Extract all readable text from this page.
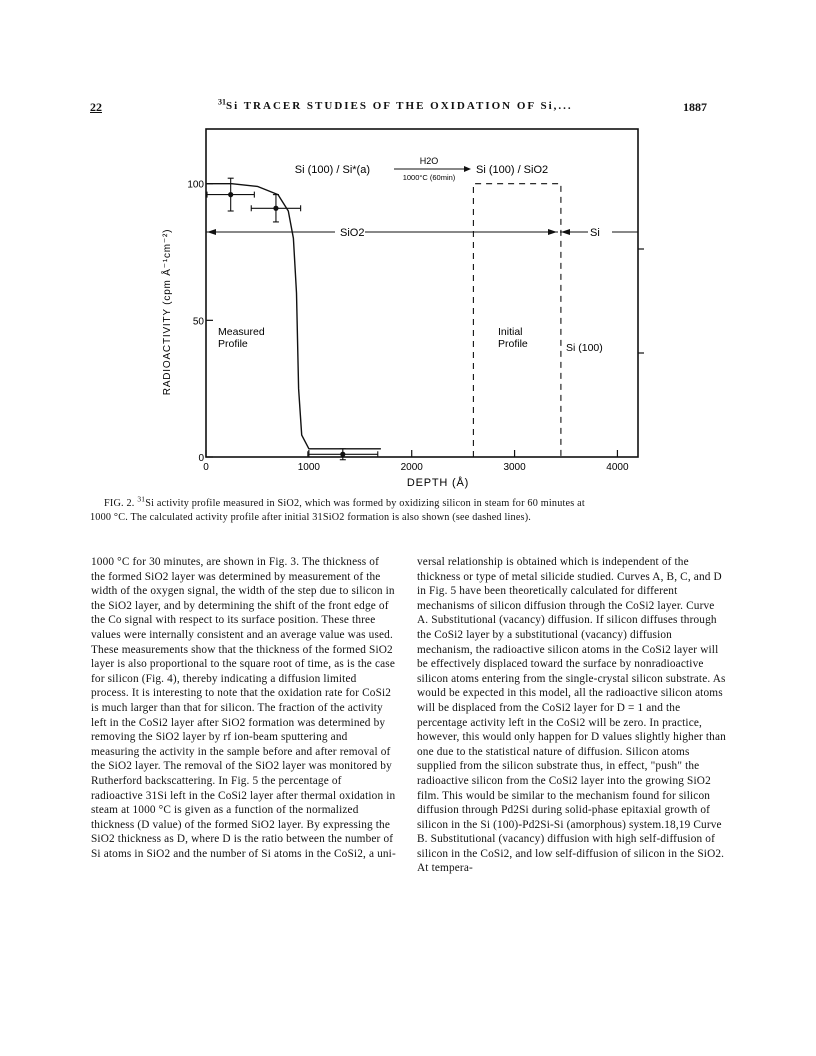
22	$^{31}$Si TRACER STUDIES OF THE OXIDATION OF Si,...	1887
Si (100) / Si*(a)
H2O
1000°C (60min)
Si (100) / SiO2
SiO2	Si
0
50
100
0	1000	2000	3000	4000
Measured
Profile
Initial
Profile	Si (100)
RADIOACTIVITY (cpm Å⁻¹cm⁻²)
DEPTH (Å)
FIG. 2. $^{31}$Si activity profile measured in SiO2, which was formed by oxidizing silicon in steam for 60 minutes at
1000 °C. The calculated activity profile after initial 31SiO2 formation is also shown (see dashed lines).
1000 °C for 30 minutes, are shown in Fig. 3. The thickness of the formed SiO2 layer was determined by measurement of the width of the oxygen signal, the width of the step due to silicon in the SiO2 layer, and by determining the shift of the front edge of the Co signal with respect to its surface position. These three values were internally consistent and an average value was used. These measurements show that the thickness of the formed SiO2 layer is also proportional to the square root of time, as is the case for silicon (Fig. 4), thereby indicating a diffusion limited process. It is interesting to note that the oxidation rate for CoSi2 is much larger than that for silicon. The fraction of the activity left in the CoSi2 layer after SiO2 formation was determined by removing the SiO2 layer by rf ion-beam sputtering and measuring the activity in the sample before and after removal of the SiO2 layer. The removal of the SiO2 layer was monitored by Rutherford backscattering. In Fig. 5 the percentage of radioactive 31Si left in the CoSi2 layer after thermal oxidation in steam at 1000 °C is given as a function of the normalized thickness (D value) of the formed SiO2 layer. By expressing the SiO2 thickness as D, where D is the ratio between the number of Si atoms in SiO2 and the number of Si atoms in the CoSi2, a uni-
versal relationship is obtained which is independent of the thickness or type of metal silicide studied. Curves A, B, C, and D in Fig. 5 have been theoretically calculated for different mechanisms of silicon diffusion through the CoSi2 layer. Curve A. Substitutional (vacancy) diffusion. If silicon diffuses through the CoSi2 layer by a substitutional (vacancy) diffusion mechanism, the radioactive silicon atoms in the CoSi2 layer will be effectively displaced toward the surface by nonradioactive silicon atoms entering from the single-crystal silicon substrate. As would be expected in this model, all the radioactive silicon atoms will be displaced from the CoSi2 layer for D = 1 and the percentage activity left in the CoSi2 will be zero. In practice, however, this would only happen for D values slightly higher than one due to the statistical nature of diffusion. Silicon atoms supplied from the silicon substrate thus, in effect, "push" the radioactive silicon from the CoSi2 layer into the growing SiO2 film. This would be similar to the mechanism found for silicon diffusion through Pd2Si during solid-phase epitaxial growth of silicon in the Si (100)-Pd2Si-Si (amorphous) system.18,19 Curve B. Substitutional (vacancy) diffusion with high self-diffusion of silicon in the CoSi2, and low self-diffusion of silicon in the SiO2. At tempera-
